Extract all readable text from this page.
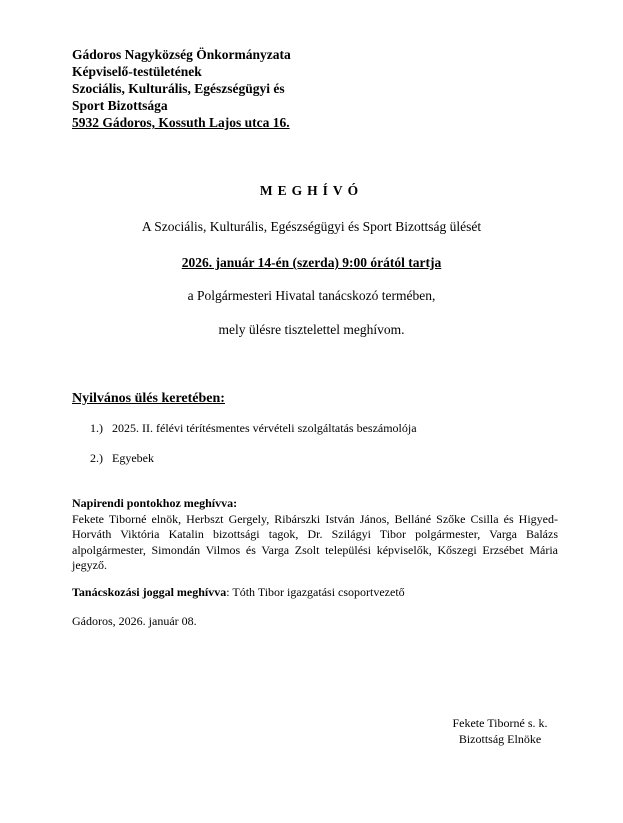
Gádoros Nagyközség Önkormányzata
Képviselő-testületének
Szociális, Kulturális, Egészségügyi és
Sport Bizottsága
5932 Gádoros, Kossuth Lajos utca 16.
MEGHÍVÓ
A Szociális, Kulturális, Egészségügyi és Sport Bizottság ülését
2026. január 14-én (szerda) 9:00 órától tartja
a Polgármesteri Hivatal tanácskozó termében,
mely ülésre tisztelettel meghívom.
Nyilvános ülés keretében:
1.) 2025. II. félévi térítésmentes vérvételi szolgáltatás beszámolója
2.) Egyebek
Napirendi pontokhoz meghívva:
Fekete Tiborné elnök, Herbszt Gergely, Ribárszki István János, Belláné Szőke Csilla és Higyed-Horváth Viktória Katalin bizottsági tagok, Dr. Szilágyi Tibor polgármester, Varga Balázs alpolgármester, Simondán Vilmos és Varga Zsolt települési képviselők, Kőszegi Erzsébet Mária jegyző.
Tanácskozási joggal meghívva: Tóth Tibor igazgatási csoportvezető
Gádoros, 2026. január 08.
Fekete Tiborné s. k.
Bizottság Elnöke
